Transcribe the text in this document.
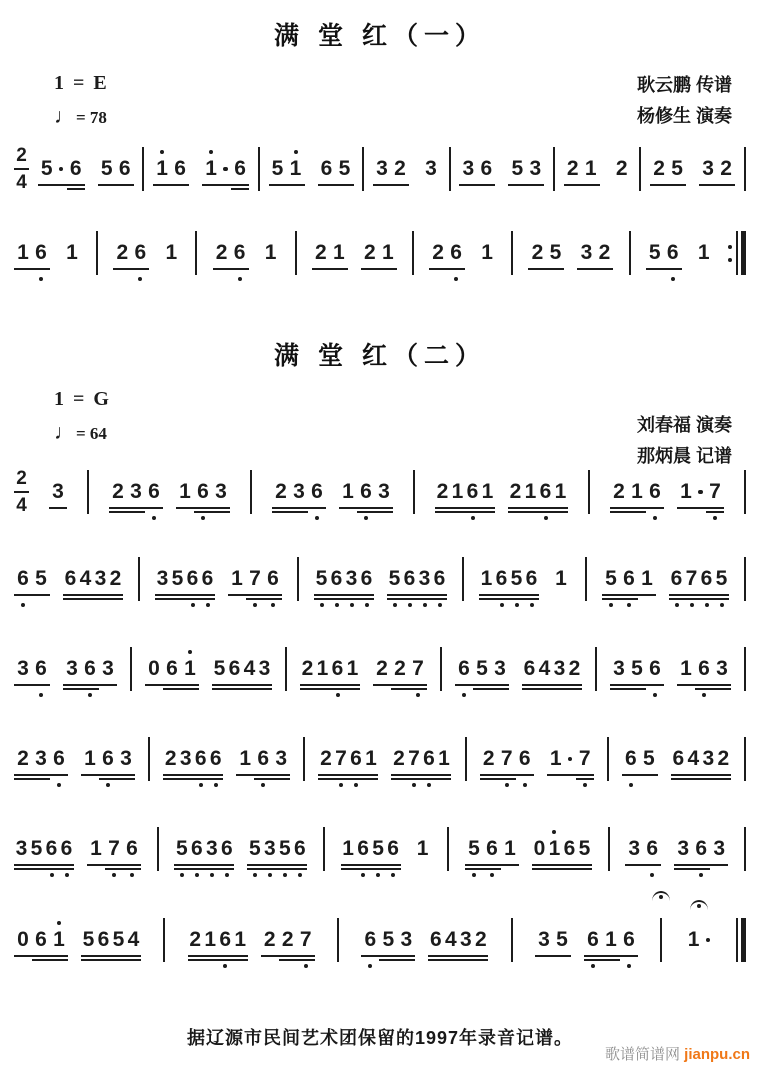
满 堂 红（一）
1 = E
♩= 78
耿云鹏 传谱
杨修生 演奏
2
4
5 6 5 6 1 6 1 6 5 1 6 5 3 2 3 3 6 5 3 2 1 2 2 5 3 2
1 6 1 2 6 1 2 6 1 2 1 2 1 2 6 1 2 5 3 2 5 6 1
满 堂 红（二）
1 = G
♩= 64	刘春福 演奏
那炳晨 记谱
2
4
3 2 3 6 1 6 3 2 3 6 1 6 3 2 1 6 1 2 1 6 1 2 1 6 1 7
6 5 6 4 3 2 3 5 6 6 1 7 6 5 6 3 6 5 6 3 6 1 6 5 6 1 5 6 1 6 7 6 5
3 6 3 6 3 0 6 1 5 6 4 3 2 1 6 1 2 2 7 6 5 3 6 4 3 2 3 5 6 1 6 3
2 3 6 1 6 3 2 3 6 6 1 6 3 2 7 6 1 2 7 6 1 2 7 6 1 7 6 5 6 4 3 2
3 5 6 6 1 7 6 5 6 3 6 5 3 5 6 1 6 5 6 1 5 6 1 0 1 6 5 3 6 3 6 3
0 6 1 5 6 5 4 2 1 6 1 2 2 7	6 5 3 6 4 3 2 3 5 6 1 6	1
据辽源市民间艺术团保留的1997年录音记谱。
歌谱简谱网 jianpu.cn
